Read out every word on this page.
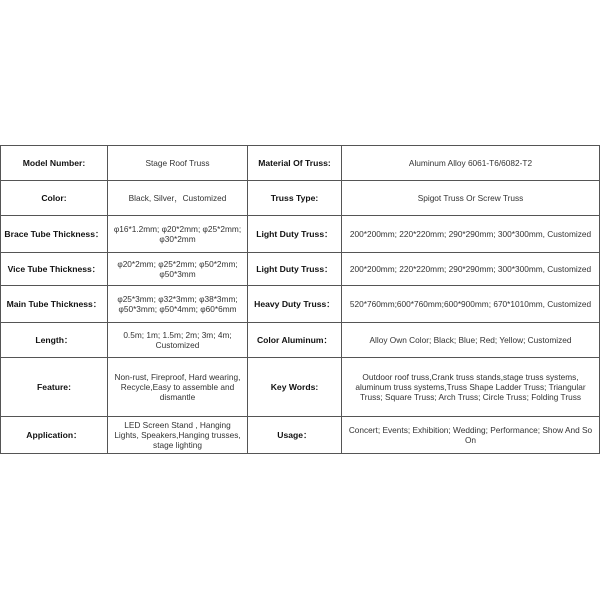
Model Number:	Stage Roof Truss	Material Of Truss:	Aluminum Alloy 6061-T6/6082-T2
Color:	Black, Silver，Customized	Truss Type:	Spigot Truss Or Screw Truss
Brace Tube Thickness：	φ16*1.2mm; φ20*2mm; φ25*2mm; φ30*2mm	Light Duty Truss：	200*200mm; 220*220mm; 290*290mm; 300*300mm, Customized
Vice Tube Thickness：	φ20*2mm; φ25*2mm; φ50*2mm; φ50*3mm	Light Duty Truss：	200*200mm; 220*220mm; 290*290mm; 300*300mm, Customized
Main Tube Thickness：	φ25*3mm; φ32*3mm; φ38*3mm; φ50*3mm; φ50*4mm; φ60*6mm	Heavy Duty Truss：	520*760mm;600*760mm;600*900mm; 670*1010mm, Customized
Length：	0.5m; 1m; 1.5m; 2m; 3m; 4m; Customized	Color Aluminum：	Alloy Own Color; Black; Blue; Red; Yellow; Customized
Feature:	Non-rust, Fireproof, Hard wearing, Recycle,Easy to assemble and dismantle	Key Words:	Outdoor roof truss,Crank truss stands,stage truss systems, aluminum truss systems,Truss Shape Ladder Truss; Triangular Truss; Square Truss; Arch Truss; Circle Truss; Folding Truss
Application：	LED Screen Stand , Hanging Lights, Speakers,Hanging trusses, stage lighting	Usage：	Concert; Events; Exhibition; Wedding; Performance; Show And So On
